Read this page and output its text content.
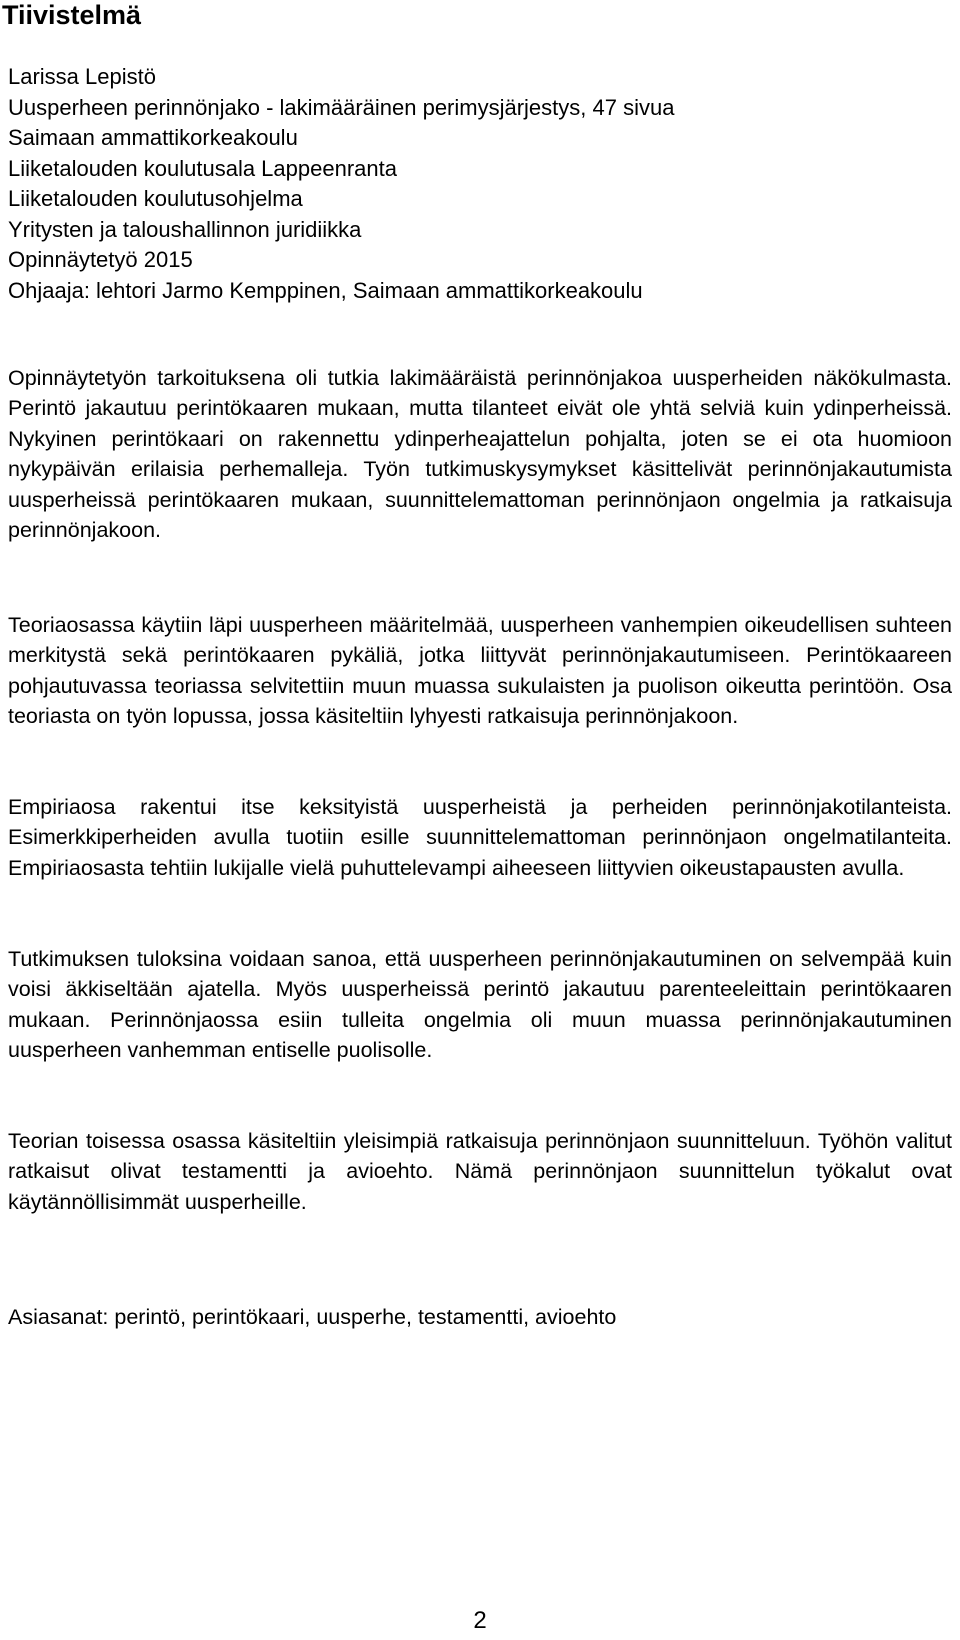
Tiivistelmä
Larissa Lepistö
Uusperheen perinnönjako - lakimääräinen perimysjärjestys, 47 sivua
Saimaan ammattikorkeakoulu
Liiketalouden koulutusala Lappeenranta
Liiketalouden koulutusohjelma
Yritysten ja taloushallinnon juridiikka
Opinnäytetyö 2015
Ohjaaja: lehtori Jarmo Kemppinen, Saimaan ammattikorkeakoulu

Opinnäytetyön tarkoituksena oli tutkia lakimääräistä perinnönjakoa uusperheiden näkökulmasta. Perintö jakautuu perintökaaren mukaan, mutta tilanteet eivät ole yhtä selviä kuin ydinperheissä. Nykyinen perintökaari on rakennettu ydinperheajattelun pohjalta, joten se ei ota huomioon nykypäivän erilaisia perhemalleja. Työn tutkimuskysymykset käsittelivät perinnönjakautumista uusperheissä perintökaaren mukaan, suunnittelemattoman perinnönjaon ongelmia ja ratkaisuja perinnönjakoon.

Teoriaosassa käytiin läpi uusperheen määritelmää, uusperheen vanhempien oikeudellisen suhteen merkitystä sekä perintökaaren pykäliä, jotka liittyvät perinnönjakautumiseen. Perintökaareen pohjautuvassa teoriassa selvitettiin muun muassa sukulaisten ja puolison oikeutta perintöön. Osa teoriasta on työn lopussa, jossa käsiteltiin lyhyesti ratkaisuja perinnönjakoon.

Empiriaosa rakentui itse keksityistä uusperheistä ja perheiden perinnönjakotilanteista. Esimerkkiperheiden avulla tuotiin esille suunnittelemattoman perinnönjaon ongelmatilanteita. Empiriaosasta tehtiin lukijalle vielä puhuttelevampi aiheeseen liittyvien oikeustapausten avulla.

Tutkimuksen tuloksina voidaan sanoa, että uusperheen perinnönjakautuminen on selvempää kuin voisi äkkiseltään ajatella. Myös uusperheissä perintö jakautuu parenteeleittain perintökaaren mukaan. Perinnönjaossa esiin tulleita ongelmia oli muun muassa perinnönjakautuminen uusperheen vanhemman entiselle puolisolle.

Teorian toisessa osassa käsiteltiin yleisimpiä ratkaisuja perinnönjaon suunnitteluun. Työhön valitut ratkaisut olivat testamentti ja avioehto. Nämä perinnönjaon suunnittelun työkalut ovat käytännöllisimmät uusperheille.

Asiasanat: perintö, perintökaari, uusperhe, testamentti, avioehto

2
